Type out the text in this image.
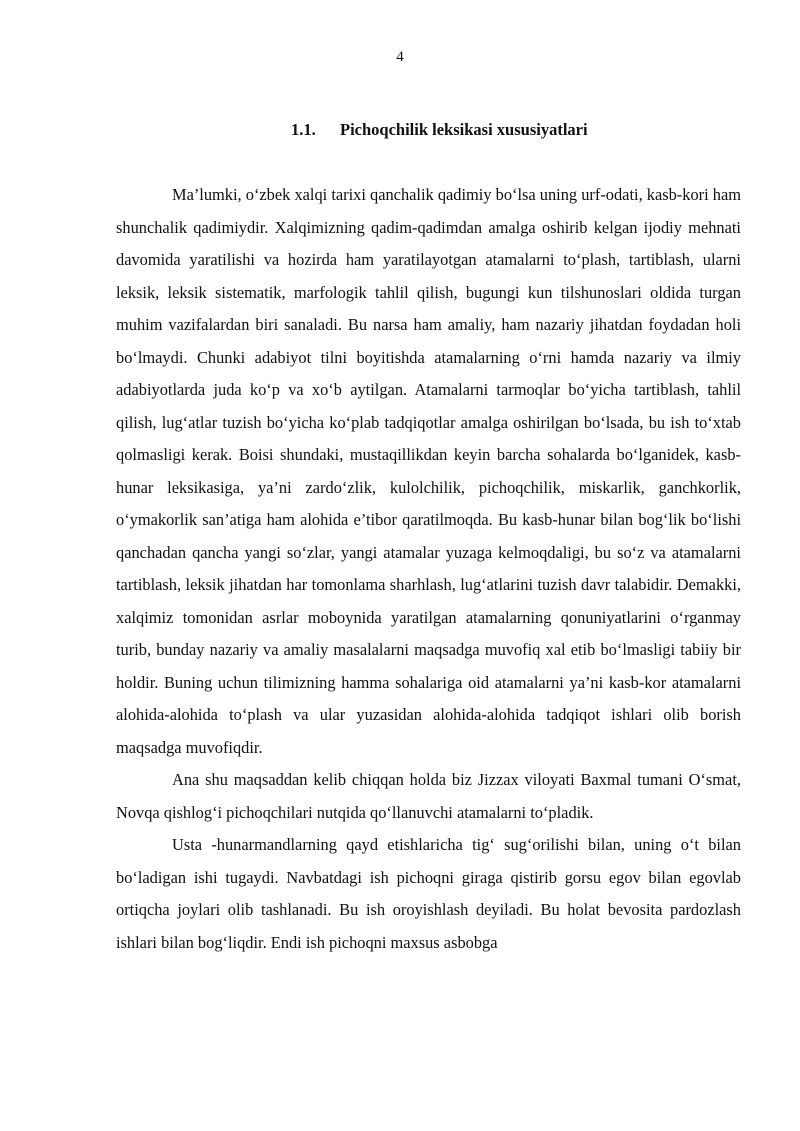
4
1.1. Pichoqchilik leksikasi xususiyatlari

Ma’lumki, o‘zbek xalqi tarixi qanchalik qadimiy bo‘lsa uning urf-odati, kasb-kori ham shunchalik qadimiydir. Xalqimizning qadim-qadimdan amalga oshirib kelgan ijodiy mehnati davomida yaratilishi va hozirda ham yaratilayotgan atamalarni to‘plash, tartiblash, ularni leksik, leksik sistematik, marfologik tahlil qilish, bugungi kun tilshunoslari oldida turgan muhim vazifalardan biri sanaladi. Bu narsa ham amaliy, ham nazariy jihatdan foydadan holi bo‘lmaydi. Chunki adabiyot tilni boyitishda atamalarning o‘rni hamda nazariy va ilmiy adabiyotlarda juda ko‘p va xo‘b aytilgan. Atamalarni tarmoqlar bo‘yicha tartiblash, tahlil qilish, lug‘atlar tuzish bo‘yicha ko‘plab tadqiqotlar amalga oshirilgan bo‘lsada, bu ish to‘xtab qolmasligi kerak. Boisi shundaki, mustaqillikdan keyin barcha sohalarda bo‘lganidek, kasb-hunar leksikasiga, ya’ni zardo‘zlik, kulolchilik, pichoqchilik, miskarlik, ganchkorlik, o‘ymakorlik san’atiga ham alohida e’tibor qaratilmoqda. Bu kasb-hunar bilan bog‘lik bo‘lishi qanchadan qancha yangi so‘zlar, yangi atamalar yuzaga kelmoqdaligi, bu so‘z va atamalarni tartiblash, leksik jihatdan har tomonlama sharhlash, lug‘atlarini tuzish davr talabidir. Demakki, xalqimiz tomonidan asrlar moboynida yaratilgan atamalarning qonuniyatlarini o‘rganmay turib, bunday nazariy va amaliy masalalarni maqsadga muvofiq xal etib bo‘lmasligi tabiiy bir holdir. Buning uchun tilimizning hamma sohalariga oid atamalarni ya’ni kasb-kor atamalarni alohida-alohida to‘plash va ular yuzasidan alohida-alohida tadqiqot ishlari olib borish maqsadga muvofiqdir.

Ana shu maqsaddan kelib chiqqan holda biz Jizzax viloyati Baxmal tumani O‘smat, Novqa qishlog‘i pichoqchilari nutqida qo‘llanuvchi atamalarni to‘pladik.

Usta -hunarmandlarning qayd etishlaricha tig‘ sug‘orilishi bilan, uning o‘t bilan bo‘ladigan ishi tugaydi. Navbatdagi ish pichoqni giraga qistirib gorsu egov bilan egovlab ortiqcha joylari olib tashlanadi. Bu ish oroyishlash deyiladi. Bu holat bevosita pardozlash ishlari bilan bog‘liqdir. Endi ish pichoqni maxsus asbobga
